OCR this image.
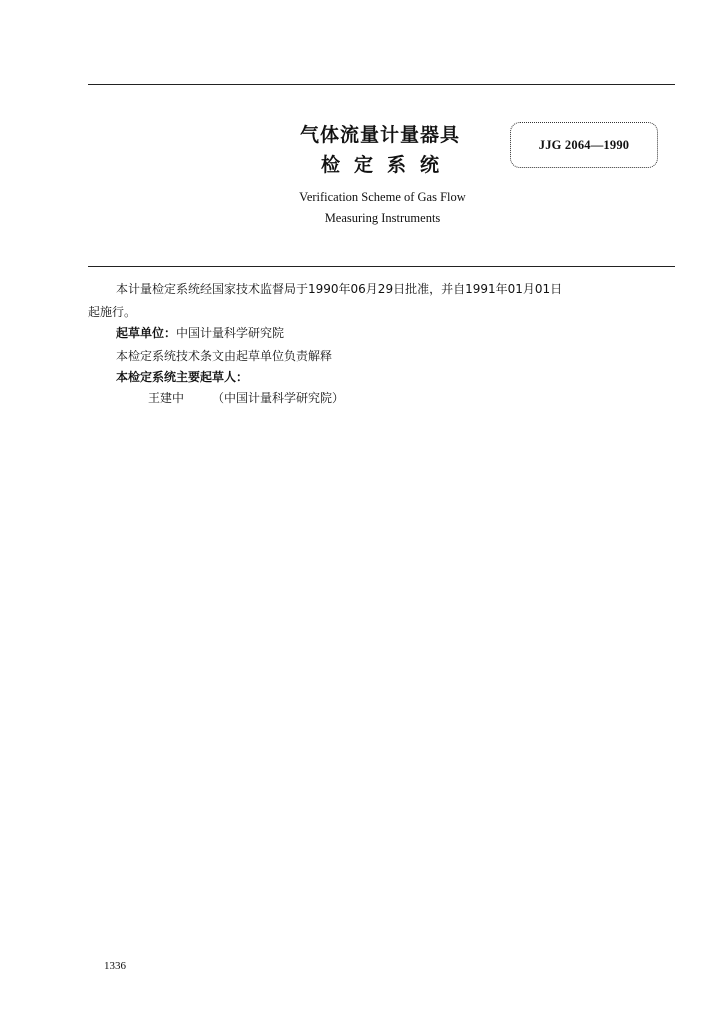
气体流量计量器具
检定系统
JJG 2064—1990
Verification Scheme of Gas Flow
Measuring Instruments
本计量检定系统经国家技术监督局于1990年06月29日批准，并自1991年01月01日
起施行。
起草单位：中国计量科学研究院
本检定系统技术条文由起草单位负责解释
本检定系统主要起草人：
王建中 （中国计量科学研究院）
1336
